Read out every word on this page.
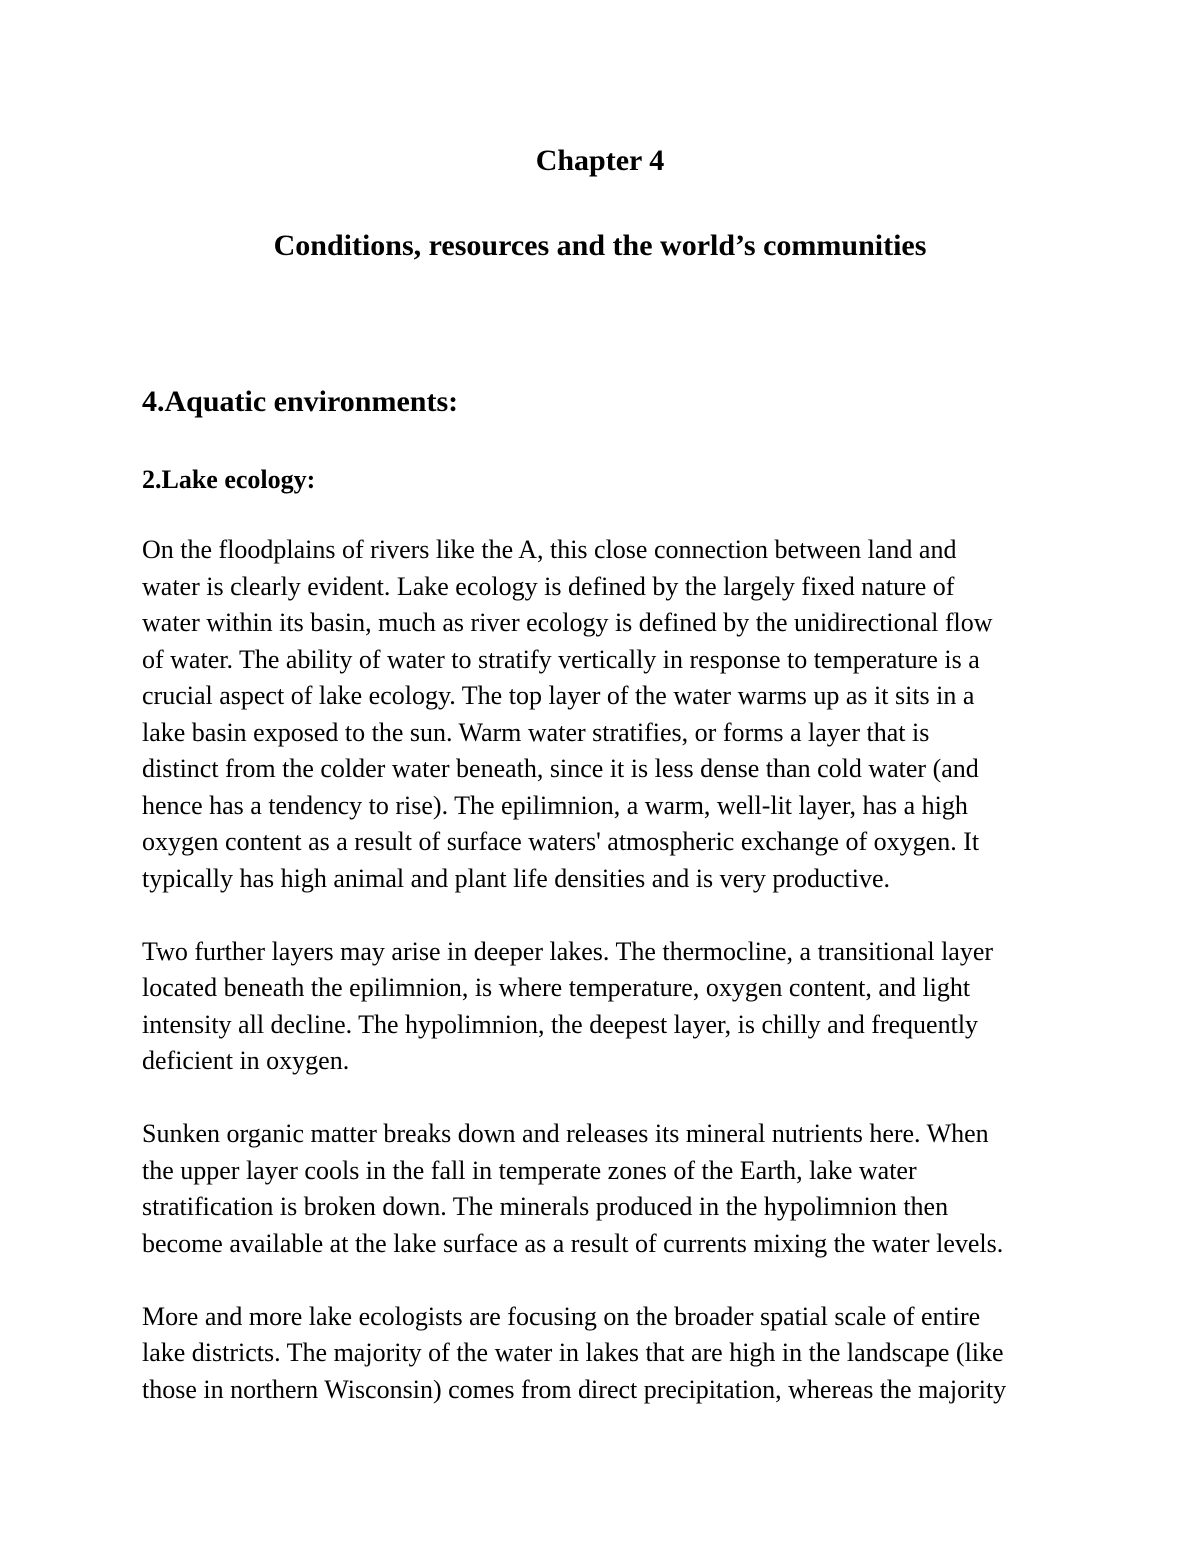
Chapter 4
Conditions, resources and the world’s communities
4.Aquatic environments:
2.Lake ecology:

On the floodplains of rivers like the A, this close connection between land and
water is clearly evident. Lake ecology is defined by the largely fixed nature of
water within its basin, much as river ecology is defined by the unidirectional flow
of water. The ability of water to stratify vertically in response to temperature is a
crucial aspect of lake ecology. The top layer of the water warms up as it sits in a
lake basin exposed to the sun. Warm water stratifies, or forms a layer that is
distinct from the colder water beneath, since it is less dense than cold water (and
hence has a tendency to rise). The epilimnion, a warm, well-lit layer, has a high
oxygen content as a result of surface waters' atmospheric exchange of oxygen. It
typically has high animal and plant life densities and is very productive.

Two further layers may arise in deeper lakes. The thermocline, a transitional layer
located beneath the epilimnion, is where temperature, oxygen content, and light
intensity all decline. The hypolimnion, the deepest layer, is chilly and frequently
deficient in oxygen.

Sunken organic matter breaks down and releases its mineral nutrients here. When
the upper layer cools in the fall in temperate zones of the Earth, lake water
stratification is broken down. The minerals produced in the hypolimnion then
become available at the lake surface as a result of currents mixing the water levels.

More and more lake ecologists are focusing on the broader spatial scale of entire
lake districts. The majority of the water in lakes that are high in the landscape (like
those in northern Wisconsin) comes from direct precipitation, whereas the majority
